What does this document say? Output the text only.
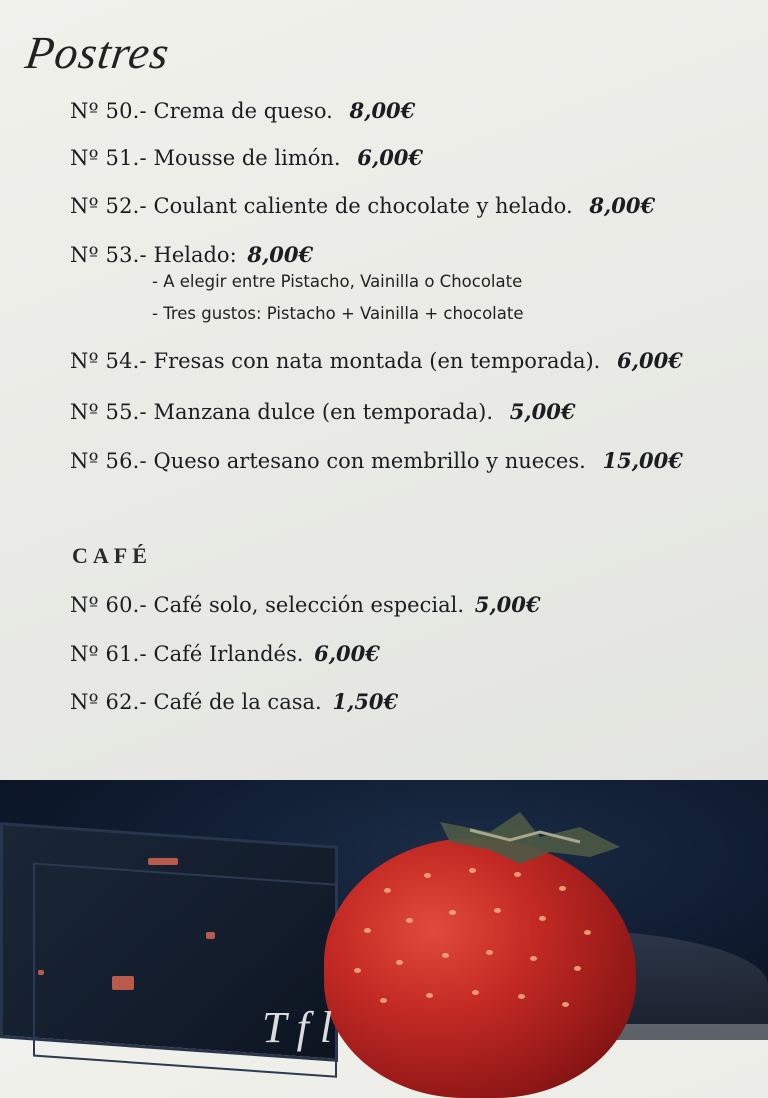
Postres
Nº 50.- Crema de queso. 8,00€
Nº 51.- Mousse de limón. 6,00€
Nº 52.- Coulant caliente de chocolate y helado. 8,00€
Nº 53.- Helado: 8,00€
- A elegir entre Pistacho, Vainilla o Chocolate
- Tres gustos: Pistacho + Vainilla + chocolate
Nº 54.- Fresas con nata montada (en temporada). 6,00€
Nº 55.- Manzana dulce (en temporada). 5,00€
Nº 56.- Queso artesano con membrillo y nueces. 15,00€
CAFÉ
Nº 60.- Café solo, selección especial. 5,00€
Nº 61.- Café Irlandés. 6,00€
Nº 62.- Café de la casa. 1,50€
T f l
